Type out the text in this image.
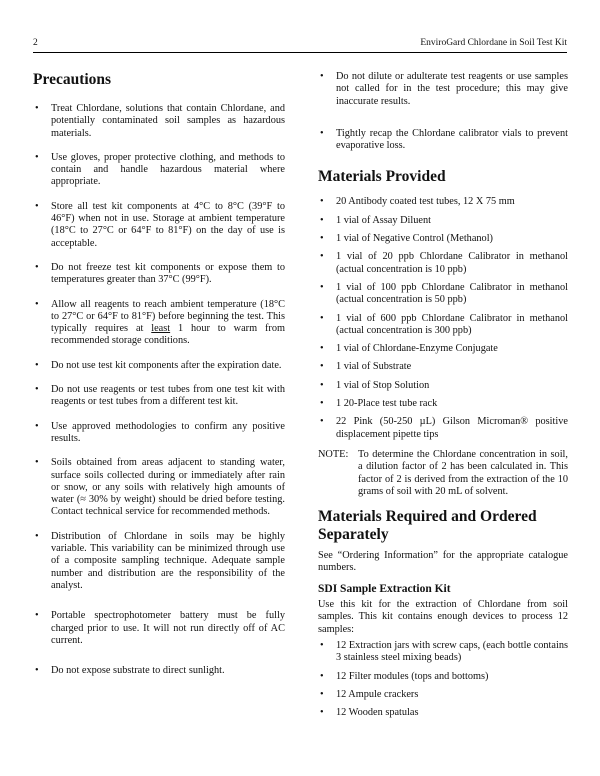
2	EnviroGard Chlordane in Soil Test Kit
Precautions
• Treat Chlordane, solutions that contain Chlordane, and potentially contaminated soil samples as hazardous materials.
• Use gloves, proper protective clothing, and methods to contain and handle hazardous material where appropriate.
• Store all test kit components at 4°C to 8°C (39°F to 46°F) when not in use. Storage at ambient temperature (18°C to 27°C or 64°F to 81°F) on the day of use is acceptable.
• Do not freeze test kit components or expose them to temperatures greater than 37°C (99°F).
• Allow all reagents to reach ambient temperature (18°C to 27°C or 64°F to 81°F) before beginning the test. This typically requires at least 1 hour to warm from recommended storage conditions.
• Do not use test kit components after the expiration date.
• Do not use reagents or test tubes from one test kit with reagents or test tubes from a different test kit.
• Use approved methodologies to confirm any positive results.
• Soils obtained from areas adjacent to standing water, surface soils collected during or immediately after rain or snow, or any soils with relatively high amounts of water (≈ 30% by weight) should be dried before testing. Contact technical service for recommended methods.
• Distribution of Chlordane in soils may be highly variable. This variability can be minimized through use of a composite sampling technique. Adequate sample number and distribution are the responsibility of the analyst.
• Portable spectrophotometer battery must be fully charged prior to use. It will not run directly off of AC current.
• Do not expose substrate to direct sunlight.
• Do not dilute or adulterate test reagents or use samples not called for in the test procedure; this may give inaccurate results.
• Tightly recap the Chlordane calibrator vials to prevent evaporative loss.
Materials Provided
• 20 Antibody coated test tubes, 12 X 75 mm
• 1 vial of Assay Diluent
• 1 vial of Negative Control (Methanol)
• 1 vial of 20 ppb Chlordane Calibrator in methanol (actual concentration is 10 ppb)
• 1 vial of 100 ppb Chlordane Calibrator in methanol (actual concentration is 50 ppb)
• 1 vial of 600 ppb Chlordane Calibrator in methanol (actual concentration is 300 ppb)
• 1 vial of Chlordane-Enzyme Conjugate
• 1 vial of Substrate
• 1 vial of Stop Solution
• 1 20-Place test tube rack
• 22 Pink (50-250 µL) Gilson Microman® positive displacement pipette tips
NOTE: To determine the Chlordane concentration in soil, a dilution factor of 2 has been calculated in. This factor of 2 is derived from the extraction of the 10 grams of soil with 20 mL of solvent.
Materials Required and Ordered Separately

See “Ordering Information” for the appropriate catalogue numbers.

SDI Sample Extraction Kit

Use this kit for the extraction of Chlordane from soil samples. This kit contains enough devices to process 12 samples:

• 12 Extraction jars with screw caps, (each bottle contains 3 stainless steel mixing beads)
• 12 Filter modules (tops and bottoms)
• 12 Ampule crackers
• 12 Wooden spatulas
